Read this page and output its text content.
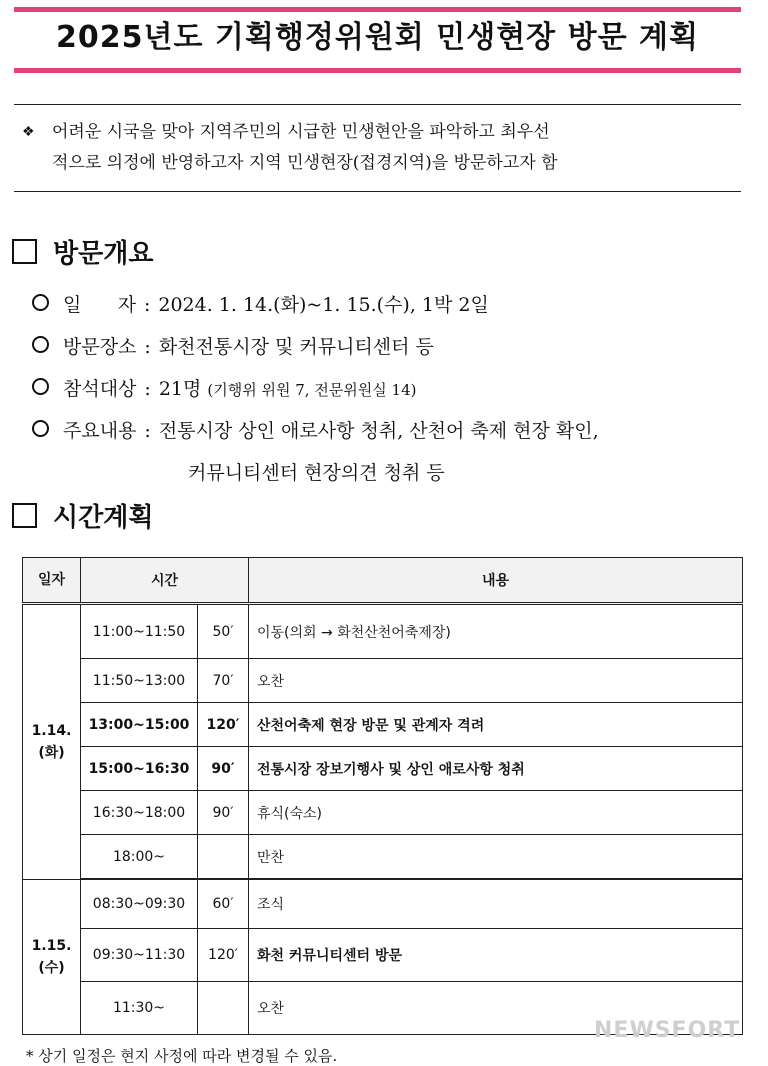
2025년도 기획행정위원회 민생현장 방문 계획
❖ 어려운 시국을 맞아 지역주민의 시급한 민생현안을 파악하고 최우선
적으로 의정에 반영하고자 지역 민생현장(접경지역)을 방문하고자 함
방문개요
일      자 : 2024. 1. 14.(화)~1. 15.(수), 1박 2일
방문장소 : 화천전통시장 및 커뮤니티센터 등
참석대상 : 21명 (기행위 위원 7, 전문위원실 14)
주요내용 : 전통시장 상인 애로사항 청취, 산천어 축제 현장 확인,
커뮤니티센터 현장의견 청취 등
시간계획
일자	시간		내용
1.14.
(화)	11:00~11:50	50′	이동(의회 → 화천산천어축제장)
	11:50~13:00	70′	오찬
	13:00~15:00	120′	산천어축제 현장 방문 및 관계자 격려
	15:00~16:30	90′	전통시장 장보기행사 및 상인 애로사항 청취
	16:30~18:00	90′	휴식(숙소)
	18:00~		만찬
1.15.
(수)	08:30~09:30	60′	조식
	09:30~11:30	120′	화천 커뮤니티센터 방문
	11:30~		오찬
NEWSFORT
* 상기 일정은 현지 사정에 따라 변경될 수 있음.
